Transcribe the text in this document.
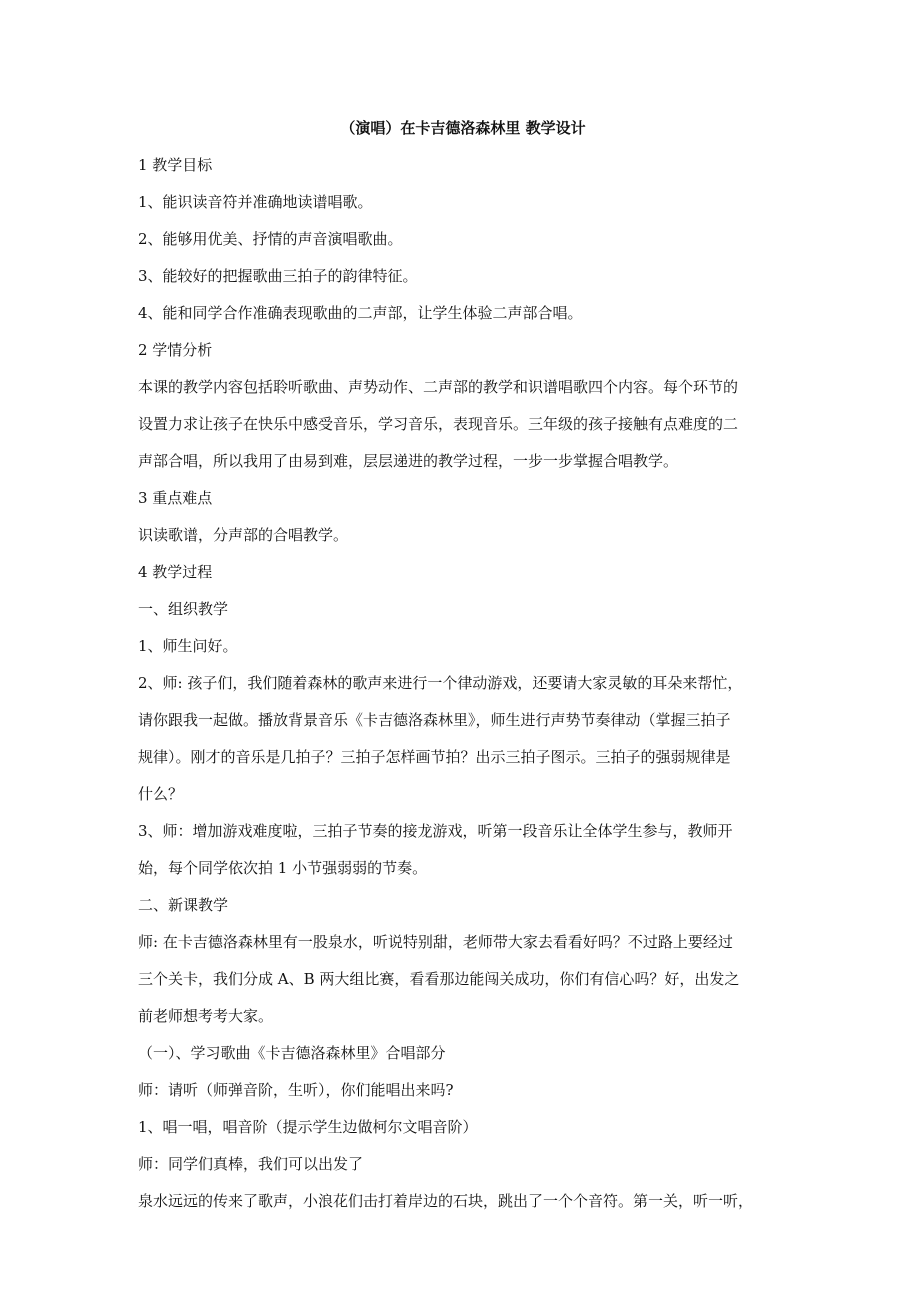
（演唱）在卡吉德洛森林里 教学设计
1 教学目标
1、能识读音符并准确地读谱唱歌。
2、能够用优美、抒情的声音演唱歌曲。
3、能较好的把握歌曲三拍子的韵律特征。
4、能和同学合作准确表现歌曲的二声部，让学生体验二声部合唱。
2 学情分析
本课的教学内容包括聆听歌曲、声势动作、二声部的教学和识谱唱歌四个内容。每个环节的
设置力求让孩子在快乐中感受音乐，学习音乐，表现音乐。三年级的孩子接触有点难度的二
声部合唱，所以我用了由易到难，层层递进的教学过程，一步一步掌握合唱教学。
3 重点难点
识读歌谱，分声部的合唱教学。
4 教学过程
一、组织教学
1、师生问好。
2、师: 孩子们，我们随着森林的歌声来进行一个律动游戏，还要请大家灵敏的耳朵来帮忙，
请你跟我一起做。播放背景音乐《卡吉德洛森林里》，师生进行声势节奏律动（掌握三拍子
规律）。刚才的音乐是几拍子？三拍子怎样画节拍？出示三拍子图示。三拍子的强弱规律是
什么？
3、师：增加游戏难度啦，三拍子节奏的接龙游戏，听第一段音乐让全体学生参与，教师开
始，每个同学依次拍 1 小节强弱弱的节奏。
二、新课教学
师: 在卡吉德洛森林里有一股泉水，听说特别甜，老师带大家去看看好吗？不过路上要经过
三个关卡，我们分成 A、B 两大组比赛，看看那边能闯关成功，你们有信心吗？好，出发之
前老师想考考大家。
（一）、学习歌曲《卡吉德洛森林里》合唱部分
师：请听（师弹音阶，生听），你们能唱出来吗?
1、唱一唱，唱音阶（提示学生边做柯尔文唱音阶）
师：同学们真棒，我们可以出发了
泉水远远的传来了歌声，小浪花们击打着岸边的石块，跳出了一个个音符。第一关，听一听，
